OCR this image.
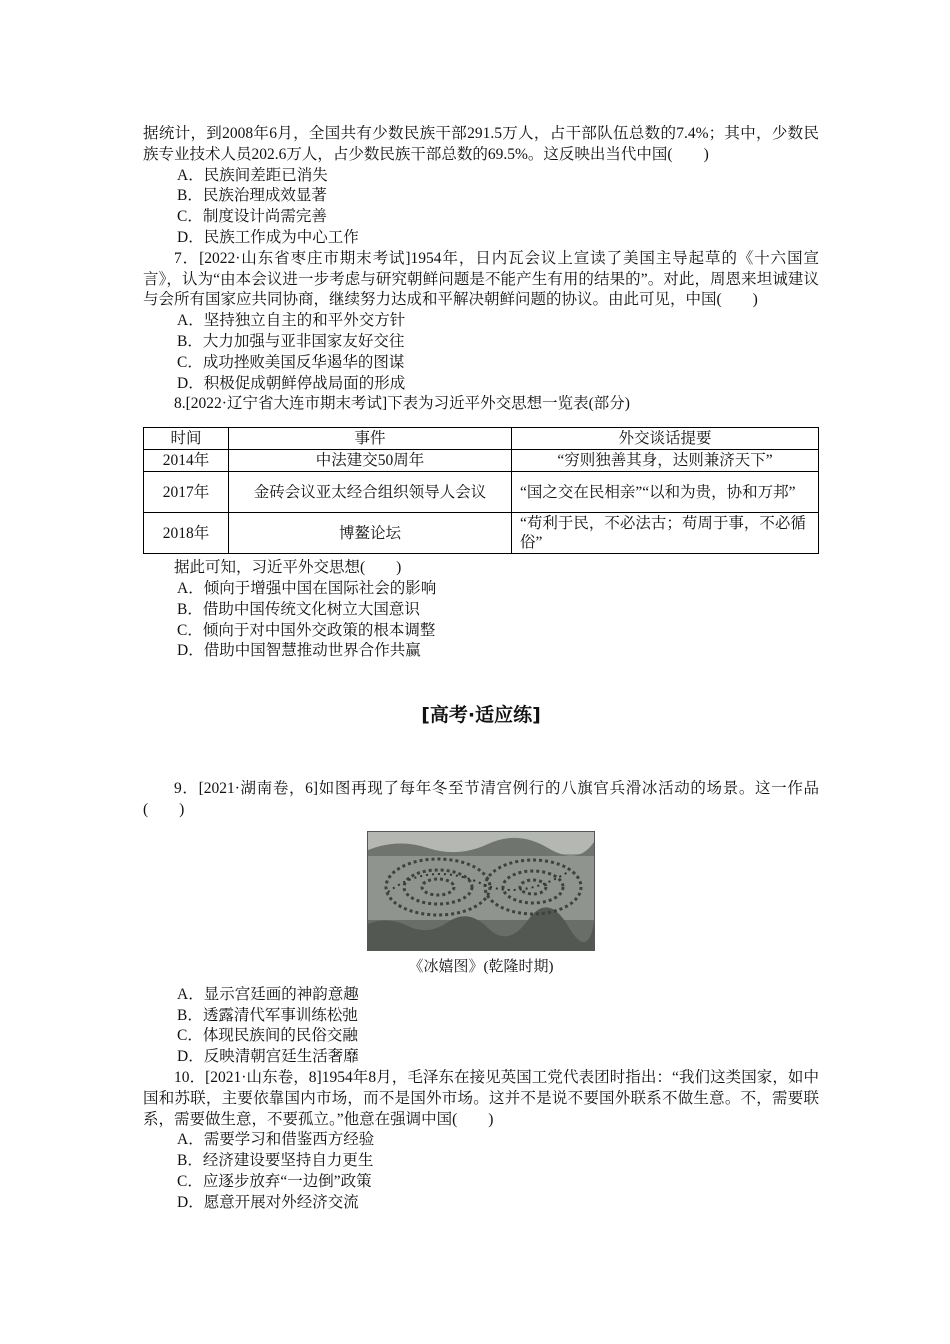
据统计，到2008年6月，全国共有少数民族干部291.5万人，占干部队伍总数的7.4%；其中，少数民族专业技术人员202.6万人，占少数民族干部总数的69.5%。这反映出当代中国(　　)

A．民族间差距已消失

B．民族治理成效显著

C．制度设计尚需完善

D．民族工作成为中心工作

7．[2022·山东省枣庄市期末考试]1954年，日内瓦会议上宣读了美国主导起草的《十六国宣言》，认为“由本会议进一步考虑与研究朝鲜问题是不能产生有用的结果的”。对此，周恩来坦诚建议与会所有国家应共同协商，继续努力达成和平解决朝鲜问题的协议。由此可见，中国(　　)

A．坚持独立自主的和平外交方针

B．大力加强与亚非国家友好交往

C．成功挫败美国反华遏华的图谋

D．积极促成朝鲜停战局面的形成

8.[2022·辽宁省大连市期末考试]下表为习近平外交思想一览表(部分)

时间	事件	外交谈话提要
2014年	中法建交50周年	“穷则独善其身，达则兼济天下”
2017年	金砖会议亚太经合组织领导人会议	“国之交在民相亲”“以和为贵，协和万邦”
2018年	博鳌论坛	“苟利于民，不必法古；苟周于事，不必循俗”

据此可知，习近平外交思想(　　)

A．倾向于增强中国在国际社会的影响

B．借助中国传统文化树立大国意识

C．倾向于对中国外交政策的根本调整

D．借助中国智慧推动世界合作共赢

[高考·适应练]

9．[2021·湖南卷，6]如图再现了每年冬至节清宫例行的八旗官兵滑冰活动的场景。这一作品(　　)

《冰嬉图》(乾隆时期)

A．显示宫廷画的神韵意趣

B．透露清代军事训练松弛

C．体现民族间的民俗交融

D．反映清朝宫廷生活奢靡

10．[2021·山东卷，8]1954年8月，毛泽东在接见英国工党代表团时指出：“我们这类国家，如中国和苏联，主要依靠国内市场，而不是国外市场。这并不是说不要国外联系不做生意。不，需要联系，需要做生意，不要孤立。”他意在强调中国(　　)

A．需要学习和借鉴西方经验

B．经济建设要坚持自力更生

C．应逐步放弃“一边倒”政策

D．愿意开展对外经济交流
